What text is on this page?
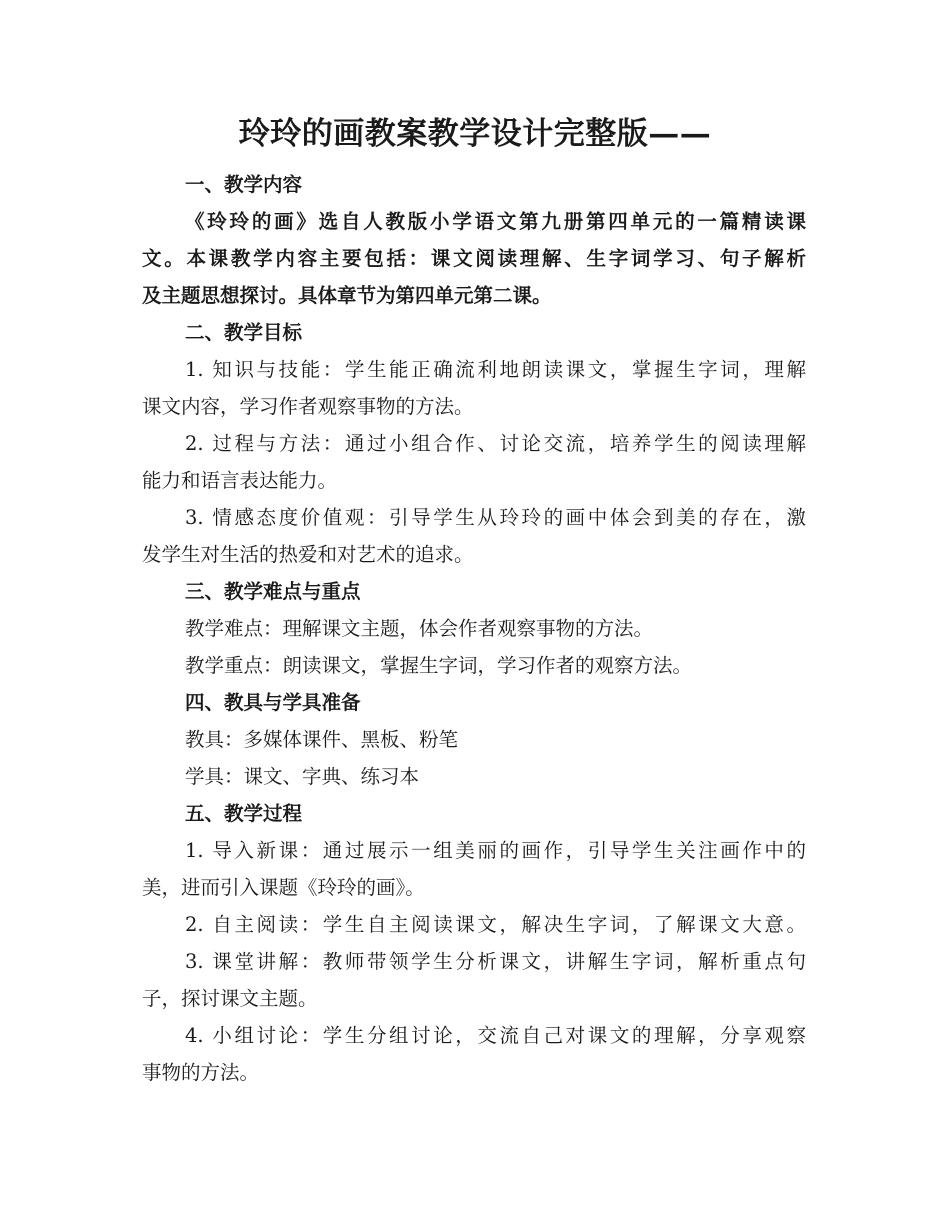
玲玲的画教案教学设计完整版——
一、教学内容
《玲玲的画》选自人教版小学语文第九册第四单元的一篇精读课
文。本课教学内容主要包括：课文阅读理解、生字词学习、句子解析
及主题思想探讨。具体章节为第四单元第二课。
二、教学目标
1. 知识与技能：学生能正确流利地朗读课文，掌握生字词，理解
课文内容，学习作者观察事物的方法。
2. 过程与方法：通过小组合作、讨论交流，培养学生的阅读理解
能力和语言表达能力。
3. 情感态度价值观：引导学生从玲玲的画中体会到美的存在，激
发学生对生活的热爱和对艺术的追求。
三、教学难点与重点
教学难点：理解课文主题，体会作者观察事物的方法。
教学重点：朗读课文，掌握生字词，学习作者的观察方法。
四、教具与学具准备
教具：多媒体课件、黑板、粉笔
学具：课文、字典、练习本
五、教学过程
1. 导入新课：通过展示一组美丽的画作，引导学生关注画作中的
美，进而引入课题《玲玲的画》。
2. 自主阅读：学生自主阅读课文，解决生字词，了解课文大意。
3. 课堂讲解：教师带领学生分析课文，讲解生字词，解析重点句
子，探讨课文主题。
4. 小组讨论：学生分组讨论，交流自己对课文的理解，分享观察
事物的方法。
